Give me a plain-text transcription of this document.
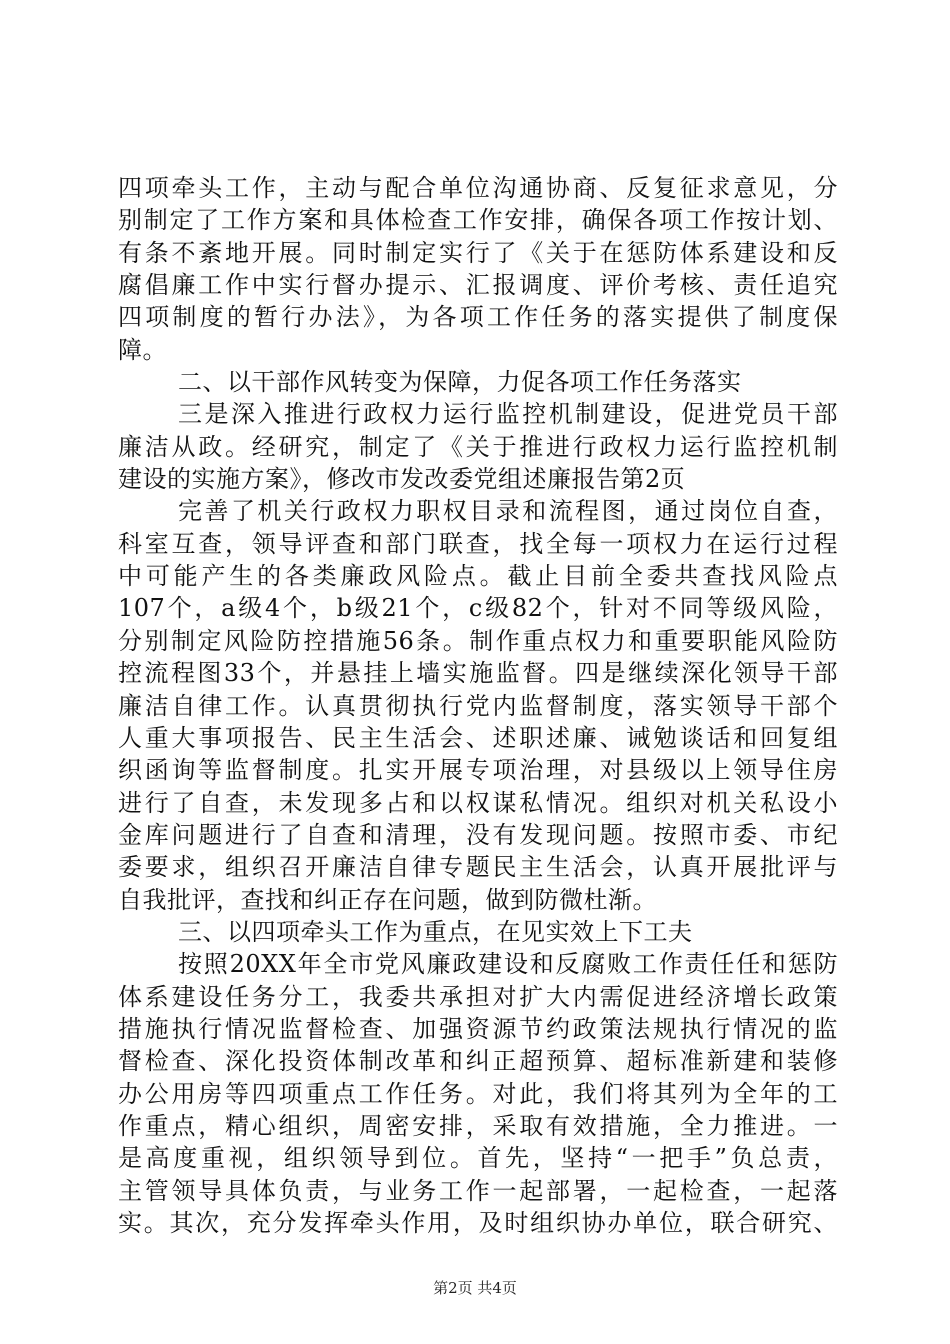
四项牵头工作，主动与配合单位沟通协商、反复征求意见，分
别制定了工作方案和具体检查工作安排，确保各项工作按计划、
有条不紊地开展。同时制定实行了《关于在惩防体系建设和反
腐倡廉工作中实行督办提示、汇报调度、评价考核、责任追究
四项制度的暂行办法》，为各项工作任务的落实提供了制度保
障。
二、以干部作风转变为保障，力促各项工作任务落实
三是深入推进行政权力运行监控机制建设，促进党员干部
廉洁从政。经研究，制定了《关于推进行政权力运行监控机制
建设的实施方案》，修改市发改委党组述廉报告第2页
完善了机关行政权力职权目录和流程图，通过岗位自查，
科室互查，领导评查和部门联查，找全每一项权力在运行过程
中可能产生的各类廉政风险点。截止目前全委共查找风险点
107个，a级4个，b级21个，c级82个，针对不同等级风险，
分别制定风险防控措施56条。制作重点权力和重要职能风险防
控流程图33个，并悬挂上墙实施监督。四是继续深化领导干部
廉洁自律工作。认真贯彻执行党内监督制度，落实领导干部个
人重大事项报告、民主生活会、述职述廉、诫勉谈话和回复组
织函询等监督制度。扎实开展专项治理，对县级以上领导住房
进行了自查，未发现多占和以权谋私情况。组织对机关私设小
金库问题进行了自查和清理，没有发现问题。按照市委、市纪
委要求，组织召开廉洁自律专题民主生活会，认真开展批评与
自我批评，查找和纠正存在问题，做到防微杜渐。
三、以四项牵头工作为重点，在见实效上下工夫
按照20XX年全市党风廉政建设和反腐败工作责任任和惩防
体系建设任务分工，我委共承担对扩大内需促进经济增长政策
措施执行情况监督检查、加强资源节约政策法规执行情况的监
督检查、深化投资体制改革和纠正超预算、超标准新建和装修
办公用房等四项重点工作任务。对此，我们将其列为全年的工
作重点，精心组织，周密安排，采取有效措施，全力推进。一
是高度重视，组织领导到位。首先，坚持“一把手”负总责，
主管领导具体负责，与业务工作一起部署，一起检查，一起落
实。其次，充分发挥牵头作用，及时组织协办单位，联合研究、
第2页 共4页
